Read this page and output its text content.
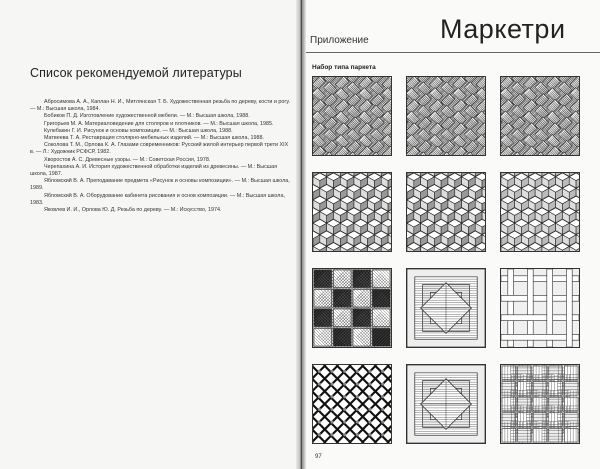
Список рекомендуемой литературы

Абросимова А. А., Каплан Н. И., Митлянская Т. Б. Художественная резьба по дереву, кости и рогу. — М.: Высшая школа, 1984.

Бобиков П. Д. Изготовление художественной мебели. — М.: Высшая школа, 1988.

Григорьев М. А. Материаловедение для столяров и плотников. — М.: Высшая школа, 1985.

Кулебакин Г. И. Рисунок и основы композиции. — М.: Высшая школа, 1988.

Матвеева Т. А. Реставрация столярно-мебельных изделий. — М.: Высшая школа, 1988.

Соколова Т. М., Орлова К. А. Глазами современников: Русский жилой интерьер первой трети XIX в. — Л.: Художник РСФСР, 1982.

Хворостов А. С. Древесные узоры. — М.: Советская Россия, 1978.

Черепахина А. И. История художественной обработки изделий из древесины. — М.: Высшая школа, 1987.

Ябломский В. А. Преподавание предмета «Рисунок и основы композиции». — М.: Высшая школа, 1989.

Ябломский В. А. Оборудование кабинета рисования и основ композиции. — М.: Высшая школа, 1983.

Яковлев И. И., Орлова Ю. Д. Резьба по дереву. — М.: Искусство, 1974.

Приложение	Маркетри
Набор типа паркета
97
